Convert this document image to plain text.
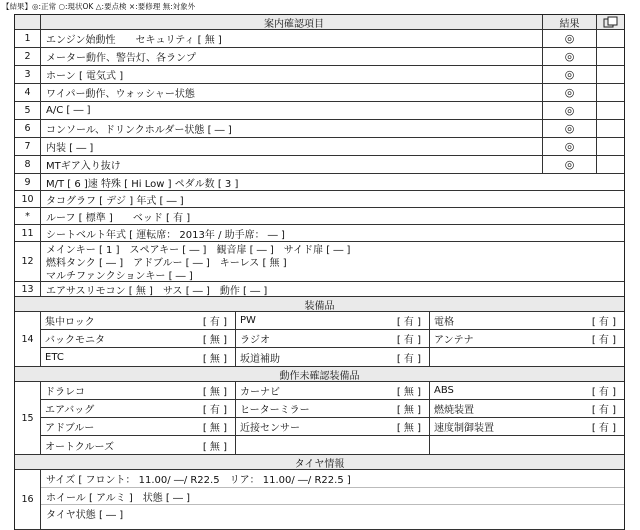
【結果】◎:正常 ○:現状OK △:要点検 ×:要修理 無:対象外
案内確認項目	結果
1	エンジン始動性　　セキュリティ [ 無 ]	◎
2	メーター動作、警告灯、各ランプ	◎
3	ホーン [ 電気式 ]	◎
4	ワイパー動作、ウォッシャー状態	◎
5	A/C [ ― ]	◎
6	コンソール、ドリンクホルダー状態 [ ― ]	◎
7	内装 [ ― ]	◎
8	MTギア入り抜け	◎
9	M/T [ 6 ]速 特殊 [ Hi Low ] ペダル数 [ 3 ]
10	タコグラフ [ デジ ] 年式 [ ― ]
*	ルーフ [ 標準 ]　　ベッド [ 有 ]
11	シートベルト年式 [ 運転席： 2013年 / 助手席： ― ]
12
メインキー [ 1 ]　スペアキー [ ― ]　観音扉 [ ― ]　サイド扉 [ ― ]
燃料タンク [ ― ]　アドブルー [ ― ]　キーレス [ 無 ]
マルチファンクションキー [ ― ]
13	エアサスリモコン [ 無 ]　サス [ ― ]　動作 [ ― ]
装備品
14
集中ロック	[ 有 ] PW	[ 有 ] 電格	[ 有 ]
バックモニタ	[ 無 ] ラジオ	[ 有 ] アンテナ	[ 有 ]
ETC	[ 無 ] 坂道補助	[ 有 ]
動作未確認装備品
15
ドラレコ	[ 無 ] カーナビ	[ 無 ] ABS	[ 有 ]
エアバッグ	[ 有 ] ヒーターミラー	[ 無 ] 燃焼装置	[ 有 ]
アドブルー	[ 無 ] 近接センサー	[ 無 ] 速度制御装置	[ 有 ]
オートクルーズ	[ 無 ]
タイヤ情報
16
サイズ [ フロント： 11.00/ ―/ R22.5　リア： 11.00/ ―/ R22.5 ]
ホイール [ アルミ ]　状態 [ ― ]
タイヤ状態 [ ― ]
